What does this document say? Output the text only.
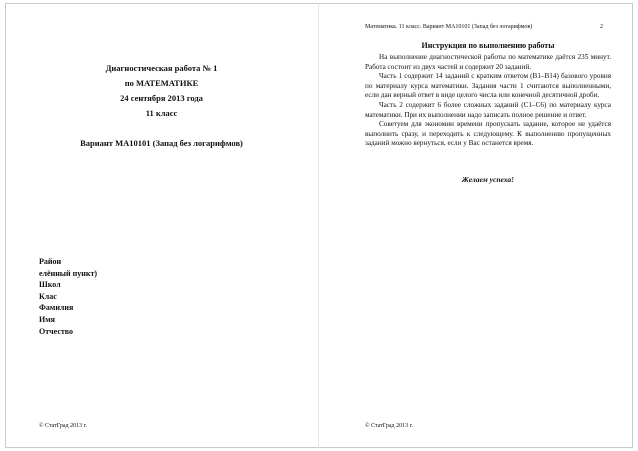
Диагностическая работа № 1
по МАТЕМАТИКЕ
24 сентября 2013 года
11 класс
Вариант МА10101 (Запад без логарифмов)
Район
елённый пункт)
Школ
Клас
Фамилия
Имя
Отчество
© СтатГрад 2013 г.
Математика. 11 класс. Вариант МА10101 (Запад без логарифмов)	2
Инструкция по выполнению работы

На выполнение диагностической работы по математике даётся 235 минут. Работа состоит из двух частей и содержит 20 заданий.

Часть 1 содержит 14 заданий с кратким ответом (B1–B14) базового уровня по материалу курса математики. Задания части 1 считаются выполненными, если дан верный ответ в виде целого числа или конечной десятичной дроби.

Часть 2 содержит 6 более сложных заданий (С1–С6) по материалу курса математики. При их выполнении надо записать полное решение и ответ.

Советуем для экономии времени пропускать задание, которое не удаётся выполнить сразу, и переходить к следующему. К выполнению пропущенных заданий можно вернуться, если у Вас останется время.

Желаем успеха!
© СтатГрад 2013 г.
